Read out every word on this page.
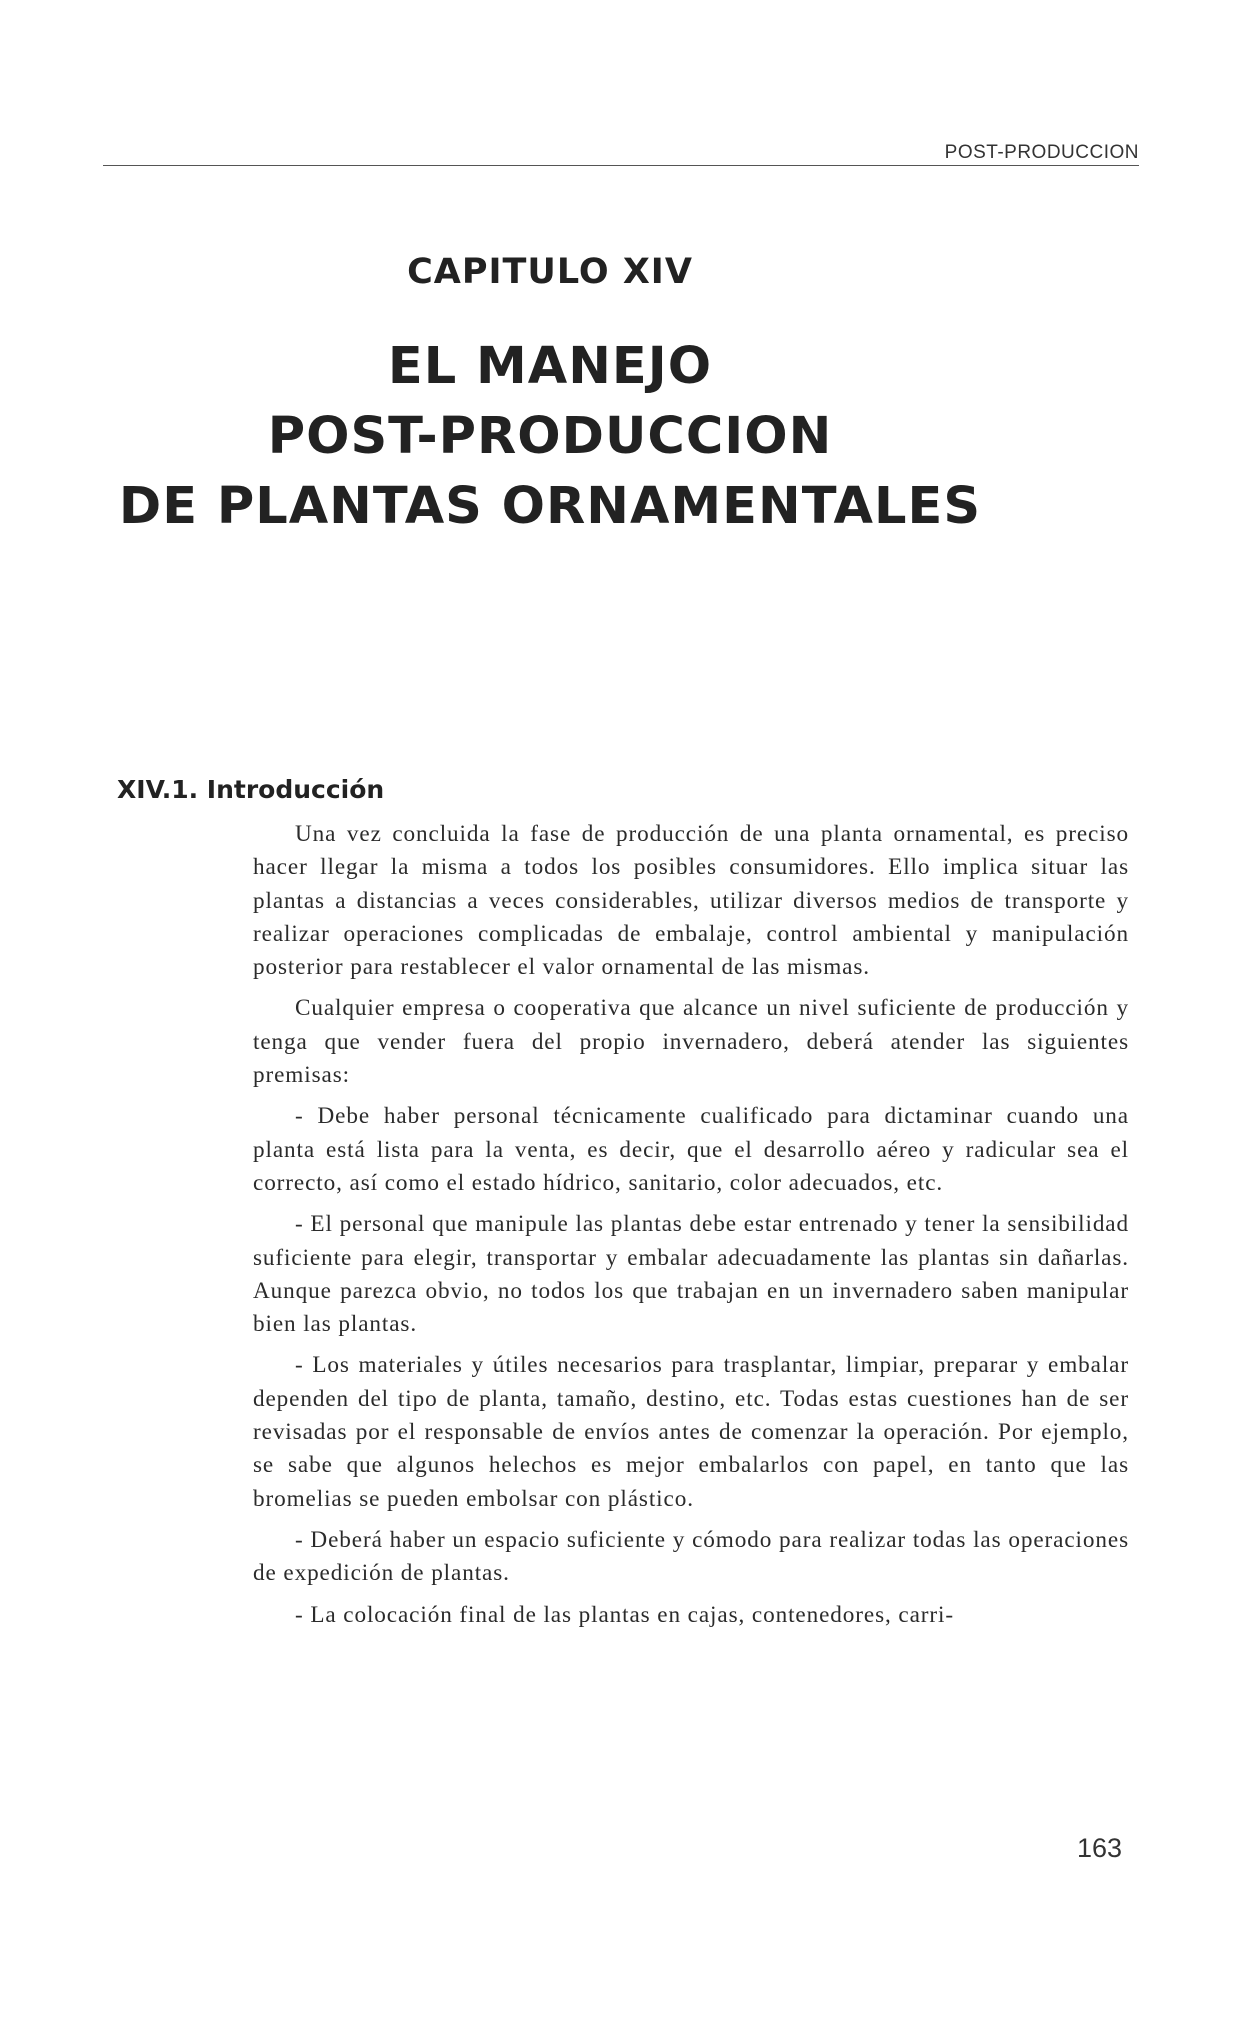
POST-PRODUCCION
CAPITULO XIV
EL MANEJO
POST-PRODUCCION
DE PLANTAS ORNAMENTALES
XIV.1. Introducción

Una vez concluida la fase de producción de una planta ornamental, es preciso hacer llegar la misma a todos los posibles consumidores. Ello implica situar las plantas a distancias a veces considerables, utilizar diversos medios de transporte y realizar operaciones complicadas de embalaje, control ambiental y manipulación posterior para restablecer el valor ornamental de las mismas.

Cualquier empresa o cooperativa que alcance un nivel suficiente de producción y tenga que vender fuera del propio invernadero, deberá atender las siguientes premisas:

- Debe haber personal técnicamente cualificado para dictaminar cuando una planta está lista para la venta, es decir, que el desarrollo aéreo y radicular sea el correcto, así como el estado hídrico, sanitario, color adecuados, etc.

- El personal que manipule las plantas debe estar entrenado y tener la sensibilidad suficiente para elegir, transportar y embalar adecuadamente las plantas sin dañarlas. Aunque parezca obvio, no todos los que trabajan en un invernadero saben manipular bien las plantas.

- Los materiales y útiles necesarios para trasplantar, limpiar, preparar y embalar dependen del tipo de planta, tamaño, destino, etc. Todas estas cuestiones han de ser revisadas por el responsable de envíos antes de comenzar la operación. Por ejemplo, se sabe que algunos helechos es mejor embalarlos con papel, en tanto que las bromelias se pueden embolsar con plástico.

- Deberá haber un espacio suficiente y cómodo para realizar todas las operaciones de expedición de plantas.

- La colocación final de las plantas en cajas, contenedores, carri-

163
